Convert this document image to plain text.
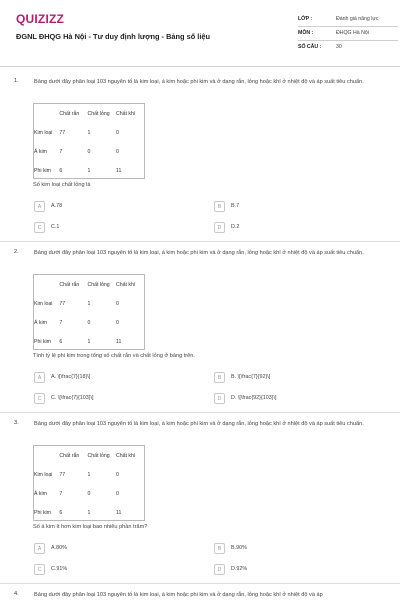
QUIZIZZ
ĐGNL ĐHQG Hà Nội - Tư duy định lượng - Bảng số liệu
LỚP :	Đánh giá năng lực
MÔN :	ĐHQG Hà Nội
SỐ CÂU :	30
1.	Bảng dưới đây phân loại 103 nguyên tố là kim loại, á kim hoặc phi kim và ở dạng rắn, lỏng hoặc khí ở nhiệt độ và áp suất tiêu chuẩn.
	Chất rắn	Chất lỏng	Chất khí
Kim loại	77	1	0
Á kim	7	0	0
Phi kim	6	1	11
Số kim loại chất lỏng là
A	A.78	B	B.7
C	C.1	D	D.2
2.	Bảng dưới đây phân loại 103 nguyên tố là kim loại, á kim hoặc phi kim và ở dạng rắn, lỏng hoặc khí ở nhiệt độ và áp suất tiêu chuẩn.
	Chất rắn	Chất lỏng	Chất khí
Kim loại	77	1	0
Á kim	7	0	0
Phi kim	6	1	11
Tính tỷ lệ phi kim trong tổng số chất rắn và chất lỏng ở bảng trên.
A	A. \[\frac{7}{18}\]	B	B. \[\frac{7}{92}\]
C	C. \[\frac{7}{103}\]	D	D. \[\frac{92}{103}\]
3.	Bảng dưới đây phân loại 103 nguyên tố là kim loại, á kim hoặc phi kim và ở dạng rắn, lỏng hoặc khí ở nhiệt độ và áp suất tiêu chuẩn.
	Chất rắn	Chất lỏng	Chất khí
Kim loại	77	1	0
Á kim	7	0	0
Phi kim	6	1	11
Số á kim ít hơn kim loại bao nhiêu phần trăm?
A	A.80%	B	B.90%
C	C.91%	D	D.92%
4.	Bảng dưới đây phân loại 103 nguyên tố là kim loại, á kim hoặc phi kim và ở dạng rắn, lỏng hoặc khí ở nhiệt độ và áp
